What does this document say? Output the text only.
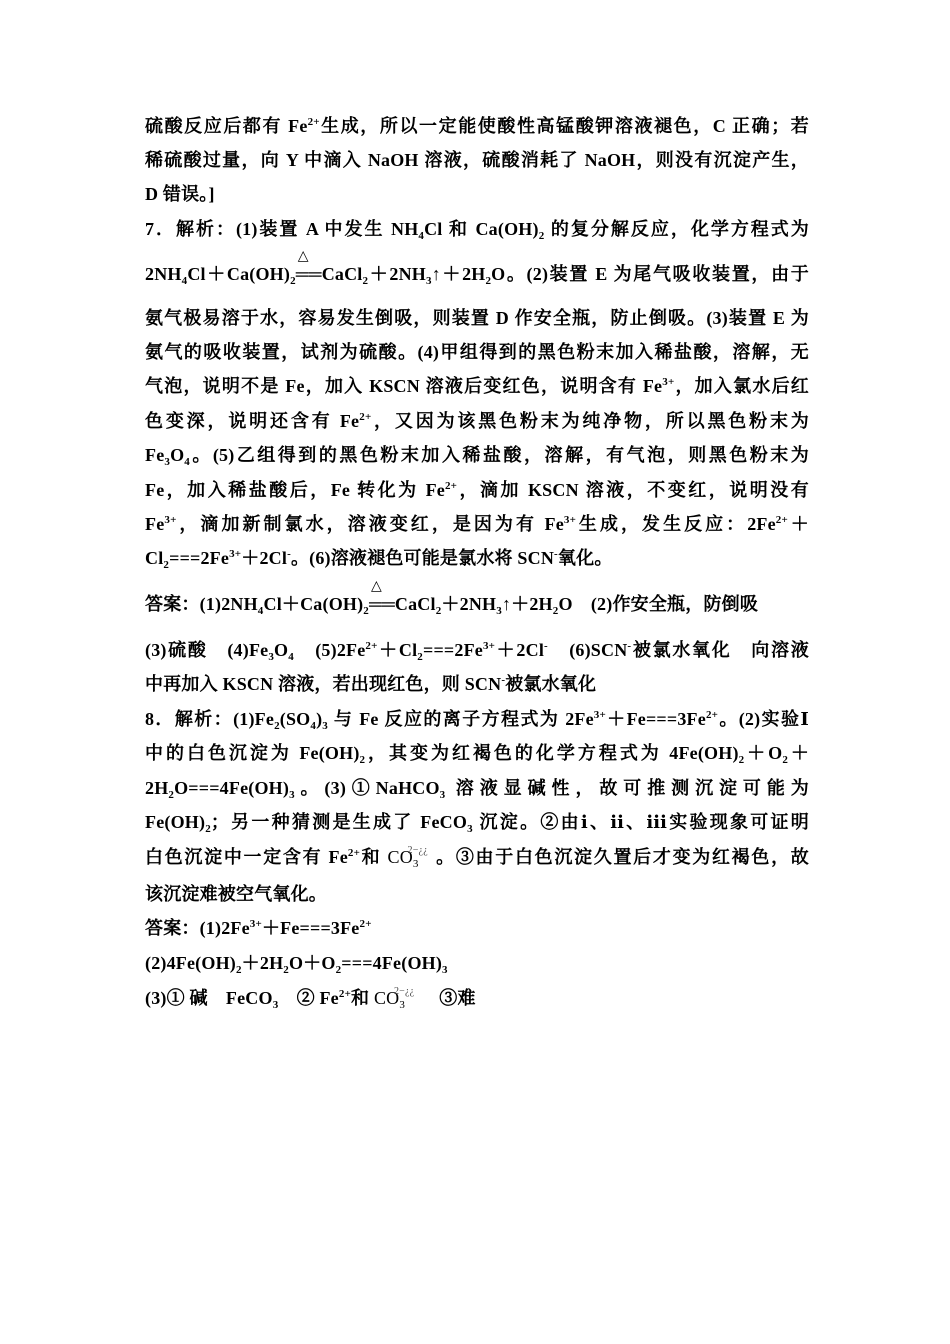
硫酸反应后都有 $Fe^{2+}$生成，所以一定能使酸性高锰酸钾溶液褪色，C 正确；若
稀硫酸过量，向 Y 中滴入 NaOH 溶液，硫酸消耗了 NaOH，则没有沉淀产生，
D 错误。]
7．解析：(1)装置 A 中发生 $NH_4Cl$ 和 $Ca(OH)_2$ 的复分解反应，化学方程式为
$2NH_4Cl+Ca(OH)_2$
△
$══CaCl_2+2NH_3↑+2H_2O$。(2)装置 E 为尾气吸收装置，由于
氨气极易溶于水，容易发生倒吸，则装置 D 作安全瓶，防止倒吸。(3)装置 E 为
氨气的吸收装置，试剂为硫酸。(4)甲组得到的黑色粉末加入稀盐酸，溶解，无
气泡，说明不是 Fe，加入 KSCN 溶液后变红色，说明含有 $Fe^{3+}$，加入氯水后红
色变深，说明还含有 $Fe^{2+}$，又因为该黑色粉末为纯净物，所以黑色粉末为
$Fe_3O_4$。(5)乙组得到的黑色粉末加入稀盐酸，溶解，有气泡，则黑色粉末为
Fe，加入稀盐酸后，Fe 转化为 $Fe^{2+}$，滴加 KSCN 溶液，不变红，说明没有
$Fe^{3+}$，滴加新制氯水，溶液变红，是因为有 $Fe^{3+}$生成，发生反应：$2Fe^{2+}+$
$Cl_2===2Fe^{3+}+2Cl^-$。(6)溶液褪色可能是氯水将 SCN-氧化。
答案：$(1)2NH_4Cl+Ca(OH)_2$
△
$══CaCl_2+2NH_3↑+2H_2O$　(2)作安全瓶，防倒吸
(3)硫酸　$(4)Fe_3O_4$　$(5)2Fe^{2+}+Cl_2===2Fe^{3+}+2Cl^-$　(6)SCN-被氯水氧化　向溶液
中再加入 KSCN 溶液，若出现红色，则 SCN-被氯水氧化
8．解析：$(1)Fe_2(SO_4)_3$ 与 Fe 反应的离子方程式为 $2Fe^{3+}+Fe===3Fe^{2+}$。(2)实验Ⅰ
中的白色沉淀为 $Fe(OH)_2$，其变为红褐色的化学方程式为 $4Fe(OH)_2+O_2+$
$2H_2O===4Fe(OH)_3$。(3)①NaHCO$_3$ 溶液显碱性，故可推测沉淀可能为
$Fe(OH)_2$；另一种猜测是生成了 FeCO$_3$ 沉淀。②由ⅰ、ⅱ、ⅲ实验现象可证明
白色沉淀中一定含有 $Fe^{2+}$和 $CO_3$
2−¿¿ 。③由于白色沉淀久置后才变为红褐色，故
该沉淀难被空气氧化。
答案：$(1)2Fe^{3+}+Fe===3Fe^{2+}$
$(2)4Fe(OH)_2+2H_2O+O_2===4Fe(OH)_3$
(3)① 碱　FeCO$_3$　② $Fe^{2+}$和 $CO_3$
2−¿¿ 　③难
